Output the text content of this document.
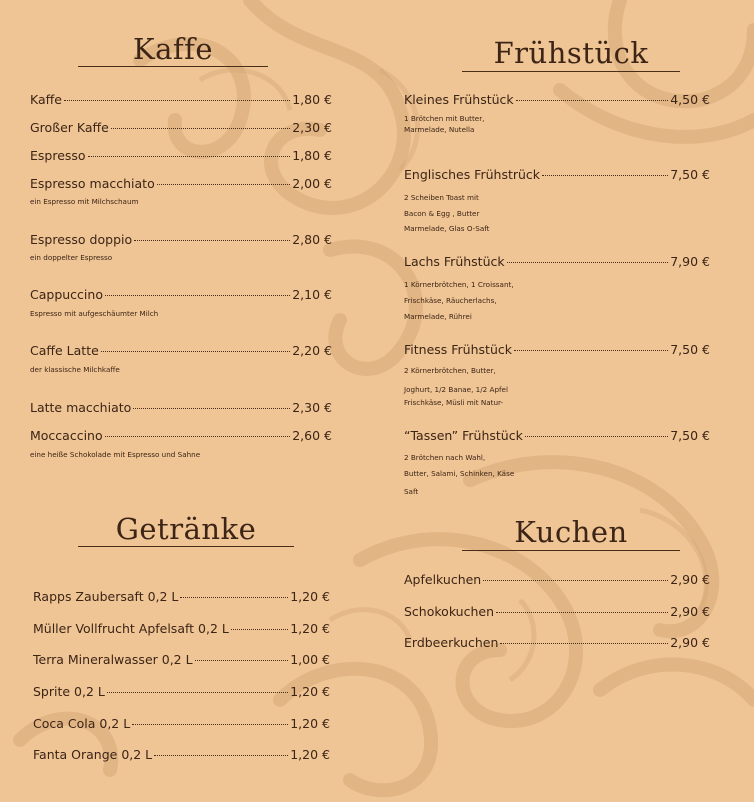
Kaffe
Kaffe	1,80 €
Großer Kaffe	2,30 €
Espresso	1,80 €
Espresso macchiato	2,00 €
ein Espresso mit Milchschaum
Espresso doppio	2,80 €
ein doppelter Espresso
Cappuccino	2,10 €
Espresso mit aufgeschäumter Milch
Caffe Latte	2,20 €
der klassische Milchkaffe
Latte macchiato	2,30 €
Moccaccino	2,60 €
eine heiße Schokolade mit Espresso und Sahne
Frühstück
Kleines Frühstück	4,50 €
1 Brötchen mit Butter,
Marmelade, Nutella
Englisches Frühstrück	7,50 €
2 Scheiben Toast mit
Bacon & Egg , Butter
Marmelade, Glas O-Saft
Lachs Frühstück	7,90 €
1 Körnerbrötchen, 1 Croissant,
Frischkäse, Räucherlachs,
Marmelade, Rührei
Fitness Frühstück	7,50 €
2 Körnerbrötchen, Butter,
Joghurt, 1/2 Banae, 1/2 Apfel
Frischkäse, Müsli mit Natur-
“Tassen” Frühstück	7,50 €
2 Brötchen nach Wahl,
Butter, Salami, Schinken, Käse
Saft
Getränke
Rapps Zaubersaft 0,2 L	1,20 €
Müller Vollfrucht Apfelsaft 0,2 L	1,20 €
Terra Mineralwasser 0,2 L	1,00 €
Sprite 0,2 L	1,20 €
Coca Cola 0,2 L	1,20 €
Fanta Orange 0,2 L	1,20 €
Kuchen
Apfelkuchen	2,90 €
Schokokuchen	2,90 €
Erdbeerkuchen	2,90 €
